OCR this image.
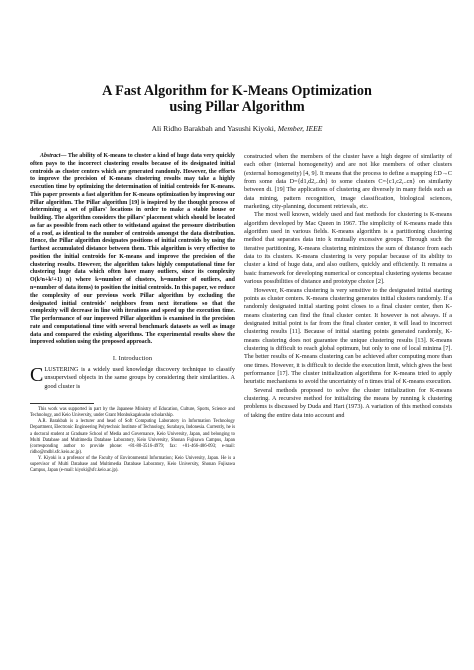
A Fast Algorithm for K-Means Optimization
using Pillar Algorithm
Ali Ridho Barakbah and Yasushi Kiyoki, Member, IEEE

Abstract— The ability of K-means to cluster a kind of huge data very quickly often pays to the incorrect clustering results because of its designated initial centroids as cluster centers which are generated randomly. However, the efforts to improve the precision of K-means clustering results may take a highly execution time by optimizing the determination of initial centroids for K-means. This paper presents a fast algorithm for K-means optimization by improving our Pillar algorithm. The Pillar algorithm [19] is inspired by the thought process of determining a set of pillars' locations in order to make a stable house or building. The algorithm considers the pillars' placement which should be located as far as possible from each other to withstand against the pressure distribution of a roof, as identical to the number of centroids amongst the data distribution. Hence, the Pillar algorithm designates positions of initial centroids by using the farthest accumulated distance between them. This algorithm is very effective to position the initial centroids for K-means and improve the precision of the clustering results. However, the algorithm takes highly computational time for clustering huge data which often have many outliers, since its complexity O(k²n+k²+1) n) where k=number of clusters, h=number of outliers, and n=number of data items) to position the initial centroids. In this paper, we reduce the complexity of our previous work Pillar algorithm by excluding the designated initial centroids' neighbors from next iterations so that the complexity will decrease in line with iterations and speed up the execution time. The performance of our improved Pillar algorithm is examined in the precision rate and computational time with several benchmark datasets as well as image data and compared the existing algorithms. The experimental results show the improved solution using the proposed approach.

I. Introduction

CLUSTERING is a widely used knowledge discovery technique to classify unsupervised objects in the same groups by considering their similarities. A good cluster is

This work was supported in part by the Japanese Ministry of Education, Culture, Sports, Science and Technology, and Keio University, under Grant Monbukagakusho scholarship.

A.R. Barakbah is a lecturer and head of Soft Computing Laboratory in Information Technology Department, Electronic Engineering Polytechnic Institute of Technology, Surabaya, Indonesia. Currently, he is a doctoral student at Graduate School of Media and Governance, Keio University, Japan, and belonging to Multi Database and Multimedia Database Laboratory, Keio University, Shonan Fujisawa Campus, Japan (corresponding author to provide phone: +81-80-3516-4979; fax: +81-466-486-093; e-mail: ridho@mdbl.sfc.keio.ac.jp).

Y. Kiyoki is a professor of the Faculty of Environmental Information; Keio University, Japan. He is a supervisor of Multi Database and Multimedia Database Laboratory, Keio University, Shonan Fujisawa Campus, Japan (e-mail: kiyoki@sfc.keio.ac.jp).

constructed when the members of the cluster have a high degree of similarity of each other (internal homogeneity) and are not like members of other clusters (external homogeneity) [4, 9]. It means that the process to define a mapping f:D→C from some data D={d1,d2,..dn} to some clusters C={c1,c2,..cn} on similarity between di. [19] The applications of clustering are diversely in many fields such as data mining, pattern recognition, image classification, biological sciences, marketing, city-planning, document retrievals, etc.

The most well known, widely used and fast methods for clustering is K-means algorithm developed by Mac Queen in 1967. The simplicity of K-means made this algorithm used in various fields. K-means algorithm is a partitioning clustering method that separates data into k mutually excessive groups. Through such the iterative partitioning, K-means clustering minimizes the sum of distance from each data to its clusters. K-means clustering is very popular because of its ability to cluster a kind of huge data, and also outliers, quickly and efficiently. It remains a basic framework for developing numerical or conceptual clustering systems because various possibilities of distance and prototype choice [2].

However, K-means clustering is very sensitive to the designated initial starting points as cluster centers. K-means clustering generates initial clusters randomly. If a randomly designated initial starting point closes to a final cluster center, then K-means clustering can find the final cluster center. It however is not always. If a designated initial point is far from the final cluster center, it will lead to incorrect clustering results [11]. Because of initial starting points generated randomly, K-means clustering does not guarantee the unique clustering results [13]. K-means clustering is difficult to reach global optimum, but only to one of local minima [7]. The better results of K-means clustering can be achieved after computing more than one times. However, it is difficult to decide the execution limit, which gives the best performance [17]. The cluster initialization algorithms for K-means tried to apply heuristic mechanisms to avoid the uncertainty of n times trial of K-means execution.

Several methods proposed to solve the cluster initialization for K-means clustering. A recursive method for initializing the means by running k clustering problems is discussed by Duda and Hart (1973). A variation of this method consists of taking the entire data into account and
